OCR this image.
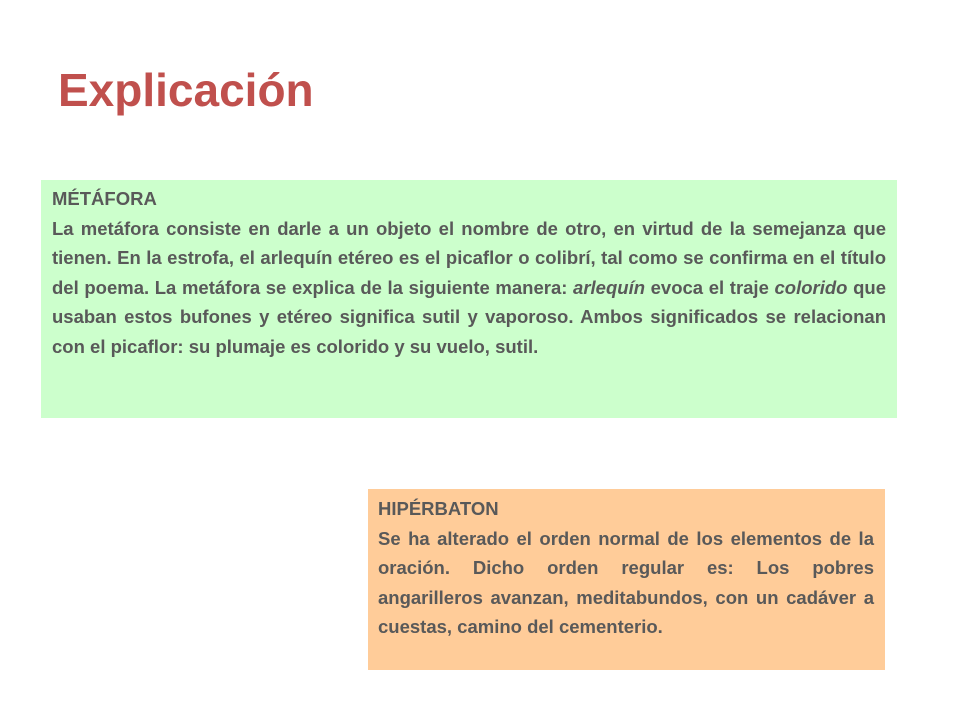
Explicación
MÉTÁFORA
La metáfora consiste en darle a un objeto el nombre de otro, en virtud de la semejanza que tienen. En la estrofa, el arlequín etéreo es el picaflor o colibrí, tal como se confirma en el título del poema. La metáfora se explica de la siguiente manera: arlequín evoca el traje colorido que usaban estos bufones y etéreo significa sutil y vaporoso. Ambos significados se relacionan con el picaflor: su plumaje es colorido y su vuelo, sutil.
HIPÉRBATON
Se ha alterado el orden normal de los elementos de la oración. Dicho orden regular es: Los pobres angarilleros avanzan, meditabundos, con un cadáver a cuestas, camino del cementerio.
